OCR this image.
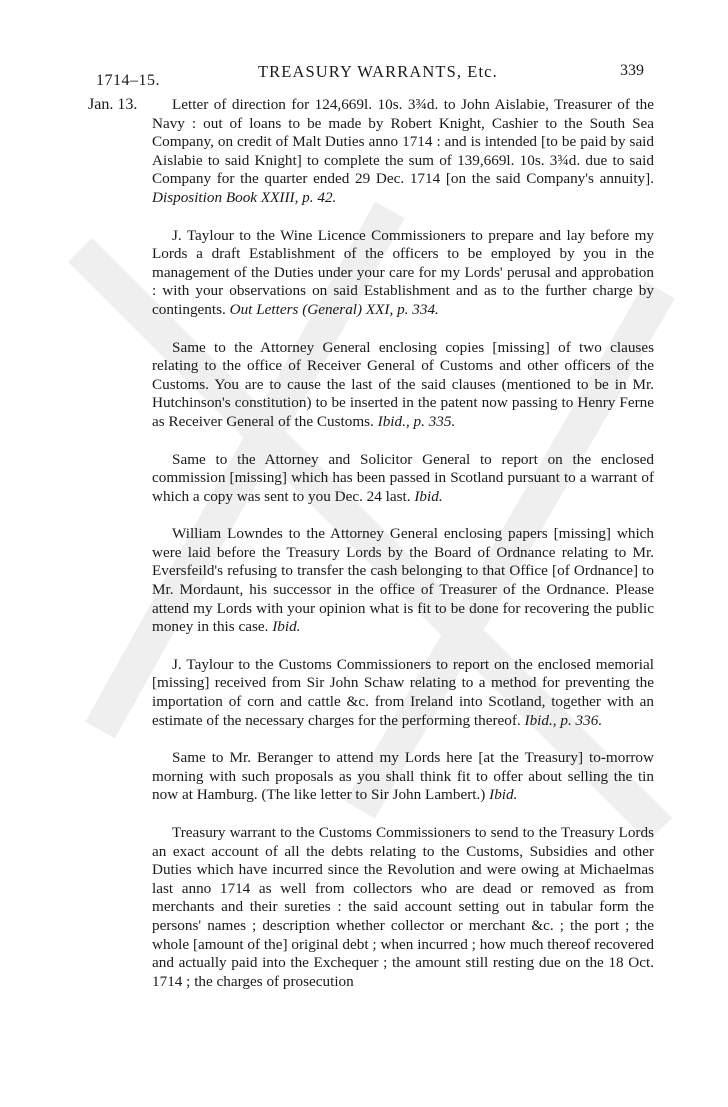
1714–15.	TREASURY WARRANTS, Etc.	339
Jan. 13.	Letter of direction for 124,669l. 10s. 3¾d. to John Aislabie, Treasurer of the Navy : out of loans to be made by Robert Knight, Cashier to the South Sea Company, on credit of Malt Duties anno 1714 : and is intended [to be paid by said Aislabie to said Knight] to complete the sum of 139,669l. 10s. 3¾d. due to said Company for the quarter ended 29 Dec. 1714 [on the said Company's annuity]. Disposition Book XXIII, p. 42.

J. Taylour to the Wine Licence Commissioners to prepare and lay before my Lords a draft Establishment of the officers to be employed by you in the management of the Duties under your care for my Lords' perusal and approbation : with your observations on said Establishment and as to the further charge by contingents. Out Letters (General) XXI, p. 334.

Same to the Attorney General enclosing copies [missing] of two clauses relating to the office of Receiver General of Customs and other officers of the Customs. You are to cause the last of the said clauses (mentioned to be in Mr. Hutchinson's constitution) to be inserted in the patent now passing to Henry Ferne as Receiver General of the Customs. Ibid., p. 335.

Same to the Attorney and Solicitor General to report on the enclosed commission [missing] which has been passed in Scotland pursuant to a warrant of which a copy was sent to you Dec. 24 last. Ibid.

William Lowndes to the Attorney General enclosing papers [missing] which were laid before the Treasury Lords by the Board of Ordnance relating to Mr. Eversfeild's refusing to transfer the cash belonging to that Office [of Ordnance] to Mr. Mordaunt, his successor in the office of Treasurer of the Ordnance. Please attend my Lords with your opinion what is fit to be done for recovering the public money in this case. Ibid.

J. Taylour to the Customs Commissioners to report on the enclosed memorial [missing] received from Sir John Schaw relating to a method for preventing the importation of corn and cattle &c. from Ireland into Scotland, together with an estimate of the necessary charges for the performing thereof. Ibid., p. 336.

Same to Mr. Beranger to attend my Lords here [at the Treasury] to-morrow morning with such proposals as you shall think fit to offer about selling the tin now at Hamburg. (The like letter to Sir John Lambert.) Ibid.

Treasury warrant to the Customs Commissioners to send to the Treasury Lords an exact account of all the debts relating to the Customs, Subsidies and other Duties which have incurred since the Revolution and were owing at Michaelmas last anno 1714 as well from collectors who are dead or removed as from merchants and their sureties : the said account setting out in tabular form the persons' names ; description whether collector or merchant &c. ; the port ; the whole [amount of the] original debt ; when incurred ; how much thereof recovered and actually paid into the Exchequer ; the amount still resting due on the 18 Oct. 1714 ; the charges of prosecution
